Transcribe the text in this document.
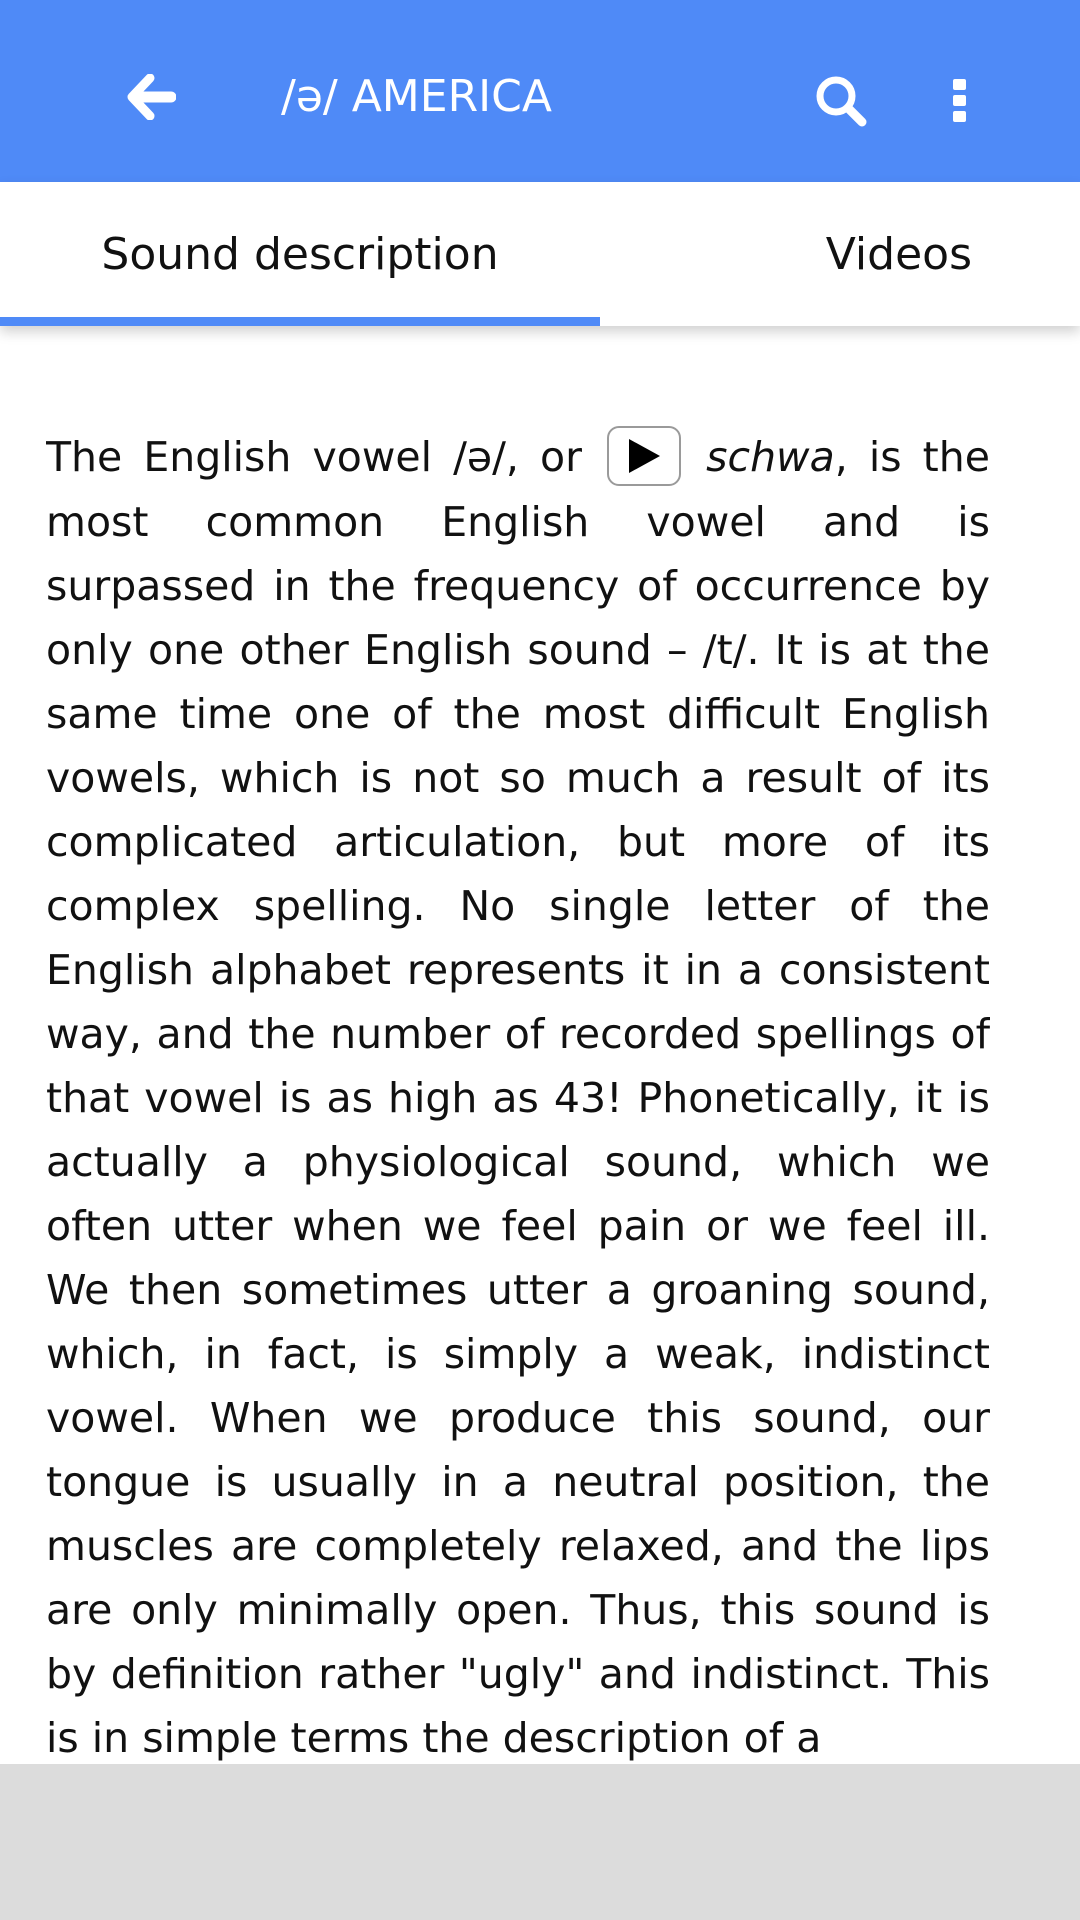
/ə/ AMERICA
Sound description	Videos
The English vowel /ə/, or	schwa, is the most common English vowel and is surpassed in the frequency of occurrence by only one other English sound – /t/. It is at the same time one of the most difficult English vowels, which is not so much a result of its complicated articulation, but more of its complex spelling. No single letter of the English alphabet represents it in a consistent way, and the number of recorded spellings of that vowel is as high as 43! Phonetically, it is actually a physiological sound, which we often utter when we feel pain or we feel ill. We then sometimes utter a groaning sound, which, in fact, is simply a weak, indistinct vowel. When we produce this sound, our tongue is usually in a neutral position, the muscles are completely relaxed, and the lips are only minimally open. Thus, this sound is by definition rather "ugly" and indistinct. This is in simple terms the description of a
